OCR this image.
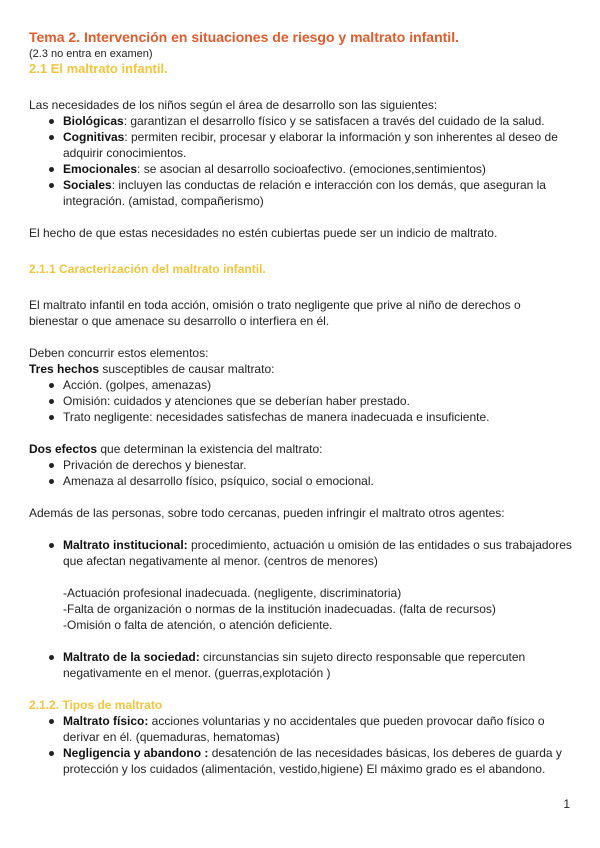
Tema 2. Intervención en situaciones de riesgo y maltrato infantil.

(2.3 no entra en examen)

2.1 El maltrato infantil.

Las necesidades de los niños según el área de desarrollo son las siguientes:

Biológicas: garantizan el desarrollo físico y se satisfacen a través del cuidado de la salud.
Cognitivas: permiten recibir, procesar y elaborar la información y son inherentes al deseo de adquirir conocimientos.
Emocionales: se asocian al desarrollo socioafectivo. (emociones,sentimientos)
Sociales: incluyen las conductas de relación e interacción con los demás, que aseguran la integración. (amistad, compañerismo)

El hecho de que estas necesidades no estén cubiertas puede ser un indicio de maltrato.

2.1.1 Caracterización del maltrato infantil.

El maltrato infantil en toda acción, omisión o trato negligente que prive al niño de derechos o bienestar o que amenace su desarrollo o interfiera en él.

Deben concurrir estos elementos:

Tres hechos susceptibles de causar maltrato:

Acción. (golpes, amenazas)
Omisión: cuidados y atenciones que se deberían haber prestado.
Trato negligente: necesidades satisfechas de manera inadecuada e insuficiente.

Dos efectos que determinan la existencia del maltrato:

Privación de derechos y bienestar.
Amenaza al desarrollo físico, psíquico, social o emocional.

Además de las personas, sobre todo cercanas, pueden infringir el maltrato otros agentes:

Maltrato institucional: procedimiento, actuación u omisión de las entidades o sus trabajadores que afectan negativamente al menor. (centros de menores)

-Actuación profesional inadecuada. (negligente, discriminatoria)

-Falta de organización o normas de la institución inadecuadas. (falta de recursos)

-Omisión o falta de atención, o atención deficiente.

Maltrato de la sociedad: circunstancias sin sujeto directo responsable que repercuten negativamente en el menor. (guerras,explotación )
2.1.2. Tipos de maltrato
Maltrato físico: acciones voluntarias y no accidentales que pueden provocar daño físico o derivar en él. (quemaduras, hematomas)
Negligencia y abandono : desatención de las necesidades básicas, los deberes de guarda y protección y los cuidados (alimentación, vestido,higiene) El máximo grado es el abandono.
1
